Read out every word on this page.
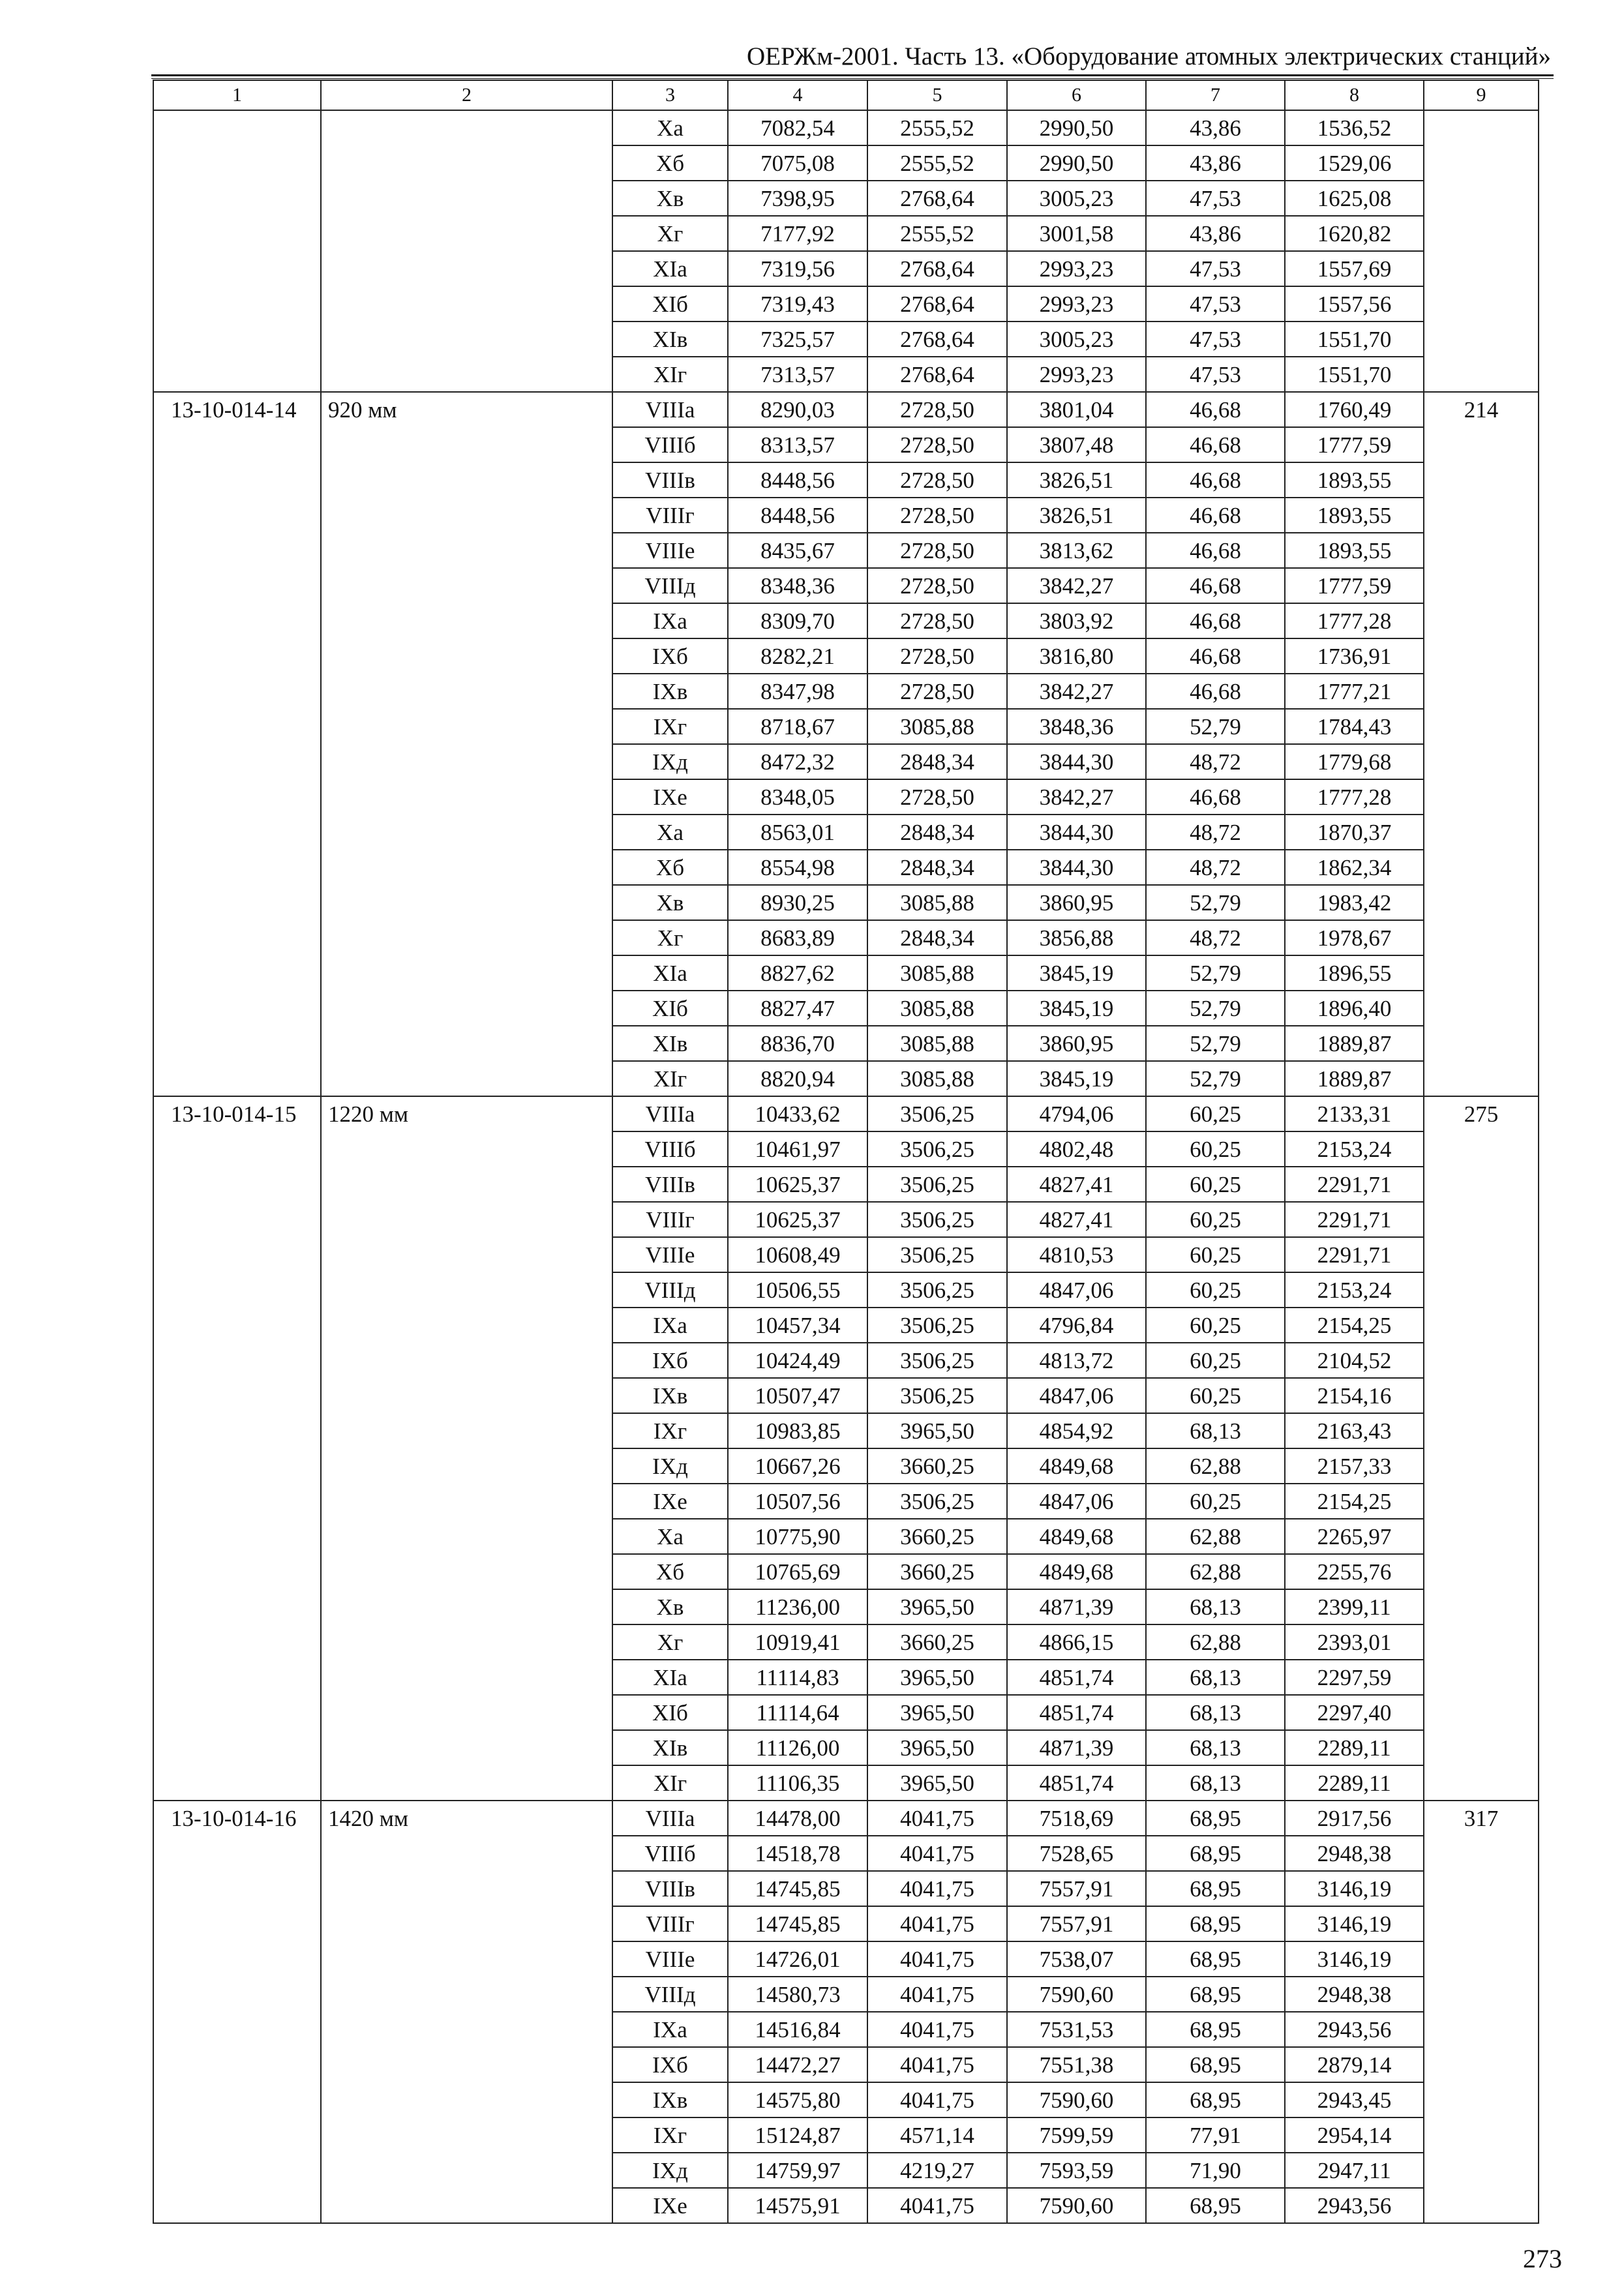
ОЕРЖм-2001. Часть 13. «Оборудование атомных электрических станций»
1	2	3	4	5	6	7	8	9
		Ха	7082,54	2555,52	2990,50	43,86	1536,52	
		Хб	7075,08	2555,52	2990,50	43,86	1529,06	
		Хв	7398,95	2768,64	3005,23	47,53	1625,08	
		Хг	7177,92	2555,52	3001,58	43,86	1620,82	
		XIа	7319,56	2768,64	2993,23	47,53	1557,69	
		XIб	7319,43	2768,64	2993,23	47,53	1557,56	
		XIв	7325,57	2768,64	3005,23	47,53	1551,70	
		XIг	7313,57	2768,64	2993,23	47,53	1551,70	
13-10-014-14	920 мм	VIIIа	8290,03	2728,50	3801,04	46,68	1760,49	214
		VIIIб	8313,57	2728,50	3807,48	46,68	1777,59	
		VIIIв	8448,56	2728,50	3826,51	46,68	1893,55	
		VIIIг	8448,56	2728,50	3826,51	46,68	1893,55	
		VIIIе	8435,67	2728,50	3813,62	46,68	1893,55	
		VIIIд	8348,36	2728,50	3842,27	46,68	1777,59	
		IXа	8309,70	2728,50	3803,92	46,68	1777,28	
		IXб	8282,21	2728,50	3816,80	46,68	1736,91	
		IXв	8347,98	2728,50	3842,27	46,68	1777,21	
		IXг	8718,67	3085,88	3848,36	52,79	1784,43	
		IXд	8472,32	2848,34	3844,30	48,72	1779,68	
		IXе	8348,05	2728,50	3842,27	46,68	1777,28	
		Ха	8563,01	2848,34	3844,30	48,72	1870,37	
		Хб	8554,98	2848,34	3844,30	48,72	1862,34	
		Хв	8930,25	3085,88	3860,95	52,79	1983,42	
		Хг	8683,89	2848,34	3856,88	48,72	1978,67	
		XIа	8827,62	3085,88	3845,19	52,79	1896,55	
		XIб	8827,47	3085,88	3845,19	52,79	1896,40	
		XIв	8836,70	3085,88	3860,95	52,79	1889,87	
		XIг	8820,94	3085,88	3845,19	52,79	1889,87	
13-10-014-15	1220 мм	VIIIа	10433,62	3506,25	4794,06	60,25	2133,31	275
		VIIIб	10461,97	3506,25	4802,48	60,25	2153,24	
		VIIIв	10625,37	3506,25	4827,41	60,25	2291,71	
		VIIIг	10625,37	3506,25	4827,41	60,25	2291,71	
		VIIIе	10608,49	3506,25	4810,53	60,25	2291,71	
		VIIIд	10506,55	3506,25	4847,06	60,25	2153,24	
		IXа	10457,34	3506,25	4796,84	60,25	2154,25	
		IXб	10424,49	3506,25	4813,72	60,25	2104,52	
		IXв	10507,47	3506,25	4847,06	60,25	2154,16	
		IXг	10983,85	3965,50	4854,92	68,13	2163,43	
		IXд	10667,26	3660,25	4849,68	62,88	2157,33	
		IXе	10507,56	3506,25	4847,06	60,25	2154,25	
		Ха	10775,90	3660,25	4849,68	62,88	2265,97	
		Хб	10765,69	3660,25	4849,68	62,88	2255,76	
		Хв	11236,00	3965,50	4871,39	68,13	2399,11	
		Хг	10919,41	3660,25	4866,15	62,88	2393,01	
		XIа	11114,83	3965,50	4851,74	68,13	2297,59	
		XIб	11114,64	3965,50	4851,74	68,13	2297,40	
		XIв	11126,00	3965,50	4871,39	68,13	2289,11	
		XIг	11106,35	3965,50	4851,74	68,13	2289,11	
13-10-014-16	1420 мм	VIIIа	14478,00	4041,75	7518,69	68,95	2917,56	317
		VIIIб	14518,78	4041,75	7528,65	68,95	2948,38	
		VIIIв	14745,85	4041,75	7557,91	68,95	3146,19	
		VIIIг	14745,85	4041,75	7557,91	68,95	3146,19	
		VIIIе	14726,01	4041,75	7538,07	68,95	3146,19	
		VIIIд	14580,73	4041,75	7590,60	68,95	2948,38	
		IXа	14516,84	4041,75	7531,53	68,95	2943,56	
		IXб	14472,27	4041,75	7551,38	68,95	2879,14	
		IXв	14575,80	4041,75	7590,60	68,95	2943,45	
		IXг	15124,87	4571,14	7599,59	77,91	2954,14	
		IXд	14759,97	4219,27	7593,59	71,90	2947,11	
		IXе	14575,91	4041,75	7590,60	68,95	2943,56	
273
